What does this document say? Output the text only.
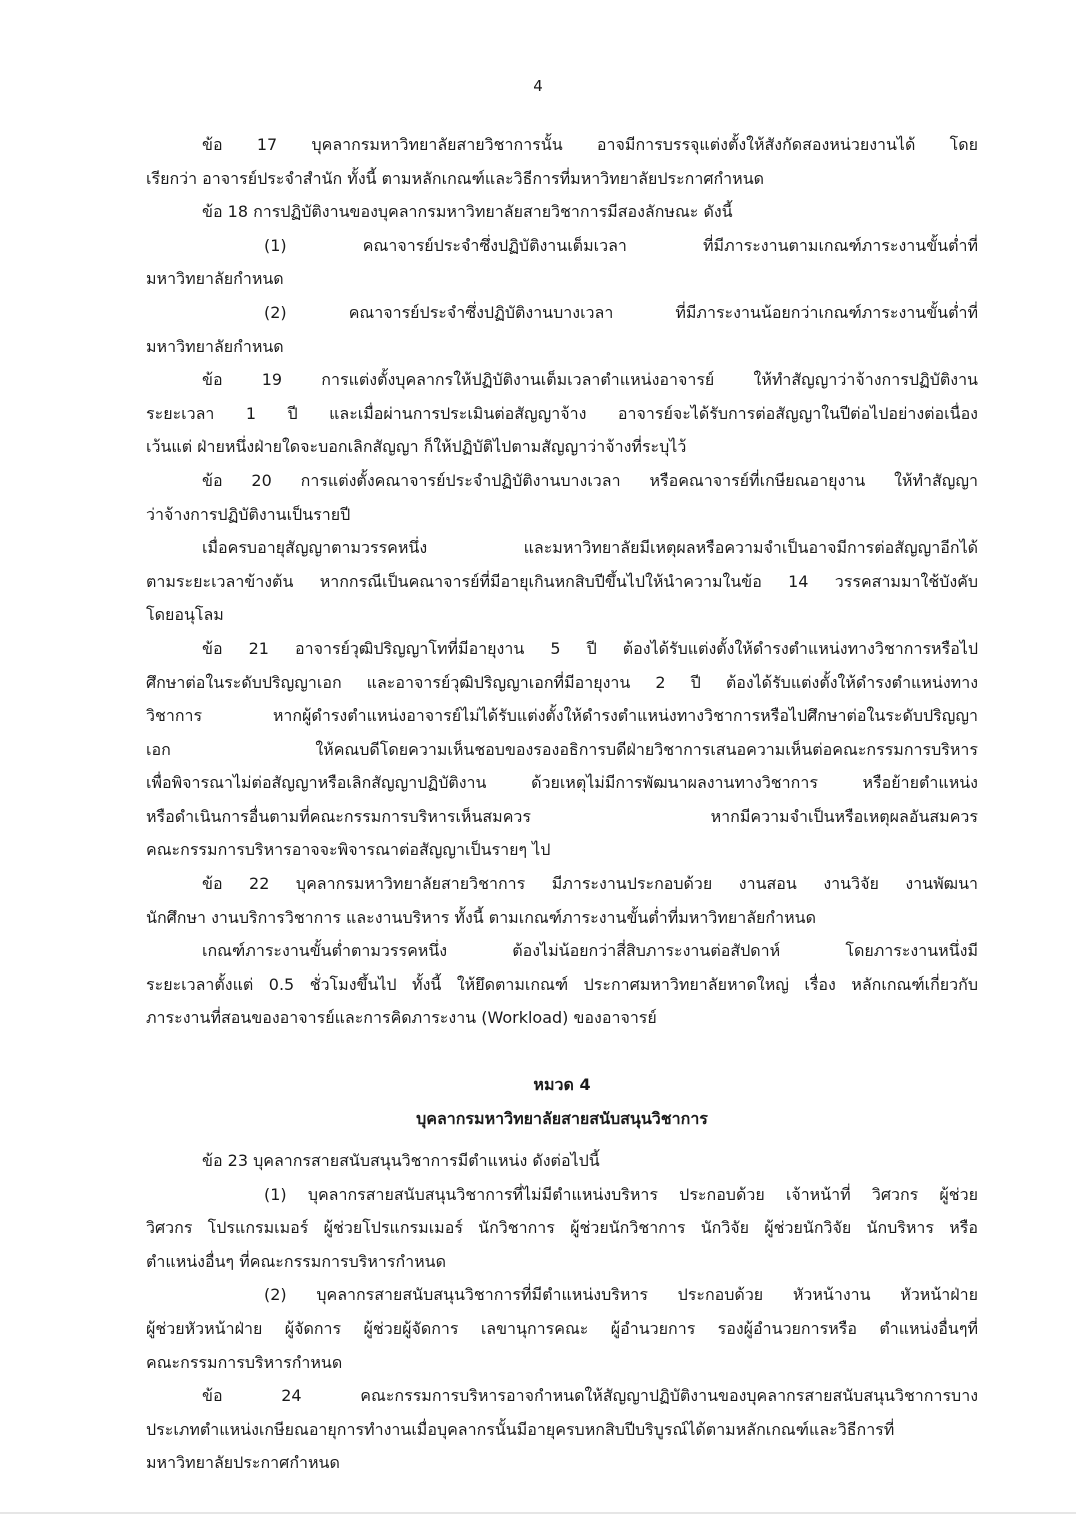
4
ข้อ 17 บุคลากรมหาวิทยาลัยสายวิชาการนั้น อาจมีการบรรจุแต่งตั้งให้สังกัดสองหน่วยงานได้ โดย
เรียกว่า อาจารย์ประจำสำนัก ทั้งนี้ ตามหลักเกณฑ์และวิธีการที่มหาวิทยาลัยประกาศกำหนด
ข้อ 18 การปฏิบัติงานของบุคลากรมหาวิทยาลัยสายวิชาการมีสองลักษณะ ดังนี้
(1) คณาจารย์ประจำซึ่งปฏิบัติงานเต็มเวลา ที่มีภาระงานตามเกณฑ์ภาระงานขั้นต่ำที่
มหาวิทยาลัยกำหนด
(2) คณาจารย์ประจำซึ่งปฏิบัติงานบางเวลา ที่มีภาระงานน้อยกว่าเกณฑ์ภาระงานขั้นต่ำที่
มหาวิทยาลัยกำหนด
ข้อ 19 การแต่งตั้งบุคลากรให้ปฏิบัติงานเต็มเวลาตำแหน่งอาจารย์ ให้ทำสัญญาว่าจ้างการปฏิบัติงาน
ระยะเวลา 1 ปี และเมื่อผ่านการประเมินต่อสัญญาจ้าง อาจารย์จะได้รับการต่อสัญญาในปีต่อไปอย่างต่อเนื่อง
เว้นแต่ ฝ่ายหนึ่งฝ่ายใดจะบอกเลิกสัญญา ก็ให้ปฏิบัติไปตามสัญญาว่าจ้างที่ระบุไว้
ข้อ 20 การแต่งตั้งคณาจารย์ประจำปฏิบัติงานบางเวลา หรือคณาจารย์ที่เกษียณอายุงาน ให้ทำสัญญา
ว่าจ้างการปฏิบัติงานเป็นรายปี
เมื่อครบอายุสัญญาตามวรรคหนึ่ง และมหาวิทยาลัยมีเหตุผลหรือความจำเป็นอาจมีการต่อสัญญาอีกได้
ตามระยะเวลาข้างต้น หากกรณีเป็นคณาจารย์ที่มีอายุเกินหกสิบปีขึ้นไปให้นำความในข้อ 14 วรรคสามมาใช้บังคับ
โดยอนุโลม
ข้อ 21 อาจารย์วุฒิปริญญาโทที่มีอายุงาน 5 ปี ต้องได้รับแต่งตั้งให้ดำรงตำแหน่งทางวิชาการหรือไป
ศึกษาต่อในระดับปริญญาเอก และอาจารย์วุฒิปริญญาเอกที่มีอายุงาน 2 ปี ต้องได้รับแต่งตั้งให้ดำรงตำแหน่งทาง
วิชาการ หากผู้ดำรงตำแหน่งอาจารย์ไม่ได้รับแต่งตั้งให้ดำรงตำแหน่งทางวิชาการหรือไปศึกษาต่อในระดับปริญญา
เอก ให้คณบดีโดยความเห็นชอบของรองอธิการบดีฝ่ายวิชาการเสนอความเห็นต่อคณะกรรมการบริหาร
เพื่อพิจารณาไม่ต่อสัญญาหรือเลิกสัญญาปฏิบัติงาน ด้วยเหตุไม่มีการพัฒนาผลงานทางวิชาการ หรือย้ายตำแหน่ง
หรือดำเนินการอื่นตามที่คณะกรรมการบริหารเห็นสมควร หากมีความจำเป็นหรือเหตุผลอันสมควร
คณะกรรมการบริหารอาจจะพิจารณาต่อสัญญาเป็นรายๆ ไป
ข้อ 22 บุคลากรมหาวิทยาลัยสายวิชาการ มีภาระงานประกอบด้วย งานสอน งานวิจัย งานพัฒนา
นักศึกษา งานบริการวิชาการ และงานบริหาร ทั้งนี้ ตามเกณฑ์ภาระงานขั้นต่ำที่มหาวิทยาลัยกำหนด
เกณฑ์ภาระงานขั้นต่ำตามวรรคหนึ่ง ต้องไม่น้อยกว่าสี่สิบภาระงานต่อสัปดาห์ โดยภาระงานหนึ่งมี
ระยะเวลาตั้งแต่ 0.5 ชั่วโมงขึ้นไป ทั้งนี้ ให้ยึดตามเกณฑ์ ประกาศมหาวิทยาลัยหาดใหญ่ เรื่อง หลักเกณฑ์เกี่ยวกับ
ภาระงานที่สอนของอาจารย์และการคิดภาระงาน (Workload) ของอาจารย์
หมวด 4
บุคลากรมหาวิทยาลัยสายสนับสนุนวิชาการ
ข้อ 23 บุคลากรสายสนับสนุนวิชาการมีตำแหน่ง ดังต่อไปนี้
(1) บุคลากรสายสนับสนุนวิชาการที่ไม่มีตำแหน่งบริหาร ประกอบด้วย เจ้าหน้าที่ วิศวกร ผู้ช่วย
วิศวกร โปรแกรมเมอร์ ผู้ช่วยโปรแกรมเมอร์ นักวิชาการ ผู้ช่วยนักวิชาการ นักวิจัย ผู้ช่วยนักวิจัย นักบริหาร หรือ
ตำแหน่งอื่นๆ ที่คณะกรรมการบริหารกำหนด
(2) บุคลากรสายสนับสนุนวิชาการที่มีตำแหน่งบริหาร ประกอบด้วย หัวหน้างาน หัวหน้าฝ่าย
ผู้ช่วยหัวหน้าฝ่าย ผู้จัดการ ผู้ช่วยผู้จัดการ เลขานุการคณะ ผู้อำนวยการ รองผู้อำนวยการหรือ ตำแหน่งอื่นๆที่
คณะกรรมการบริหารกำหนด
ข้อ 24 คณะกรรมการบริหารอาจกำหนดให้สัญญาปฏิบัติงานของบุคลากรสายสนับสนุนวิชาการบาง
ประเภทตำแหน่งเกษียณอายุการทำงานเมื่อบุคลากรนั้นมีอายุครบหกสิบปีบริบูรณ์ได้ตามหลักเกณฑ์และวิธีการที่
มหาวิทยาลัยประกาศกำหนด
